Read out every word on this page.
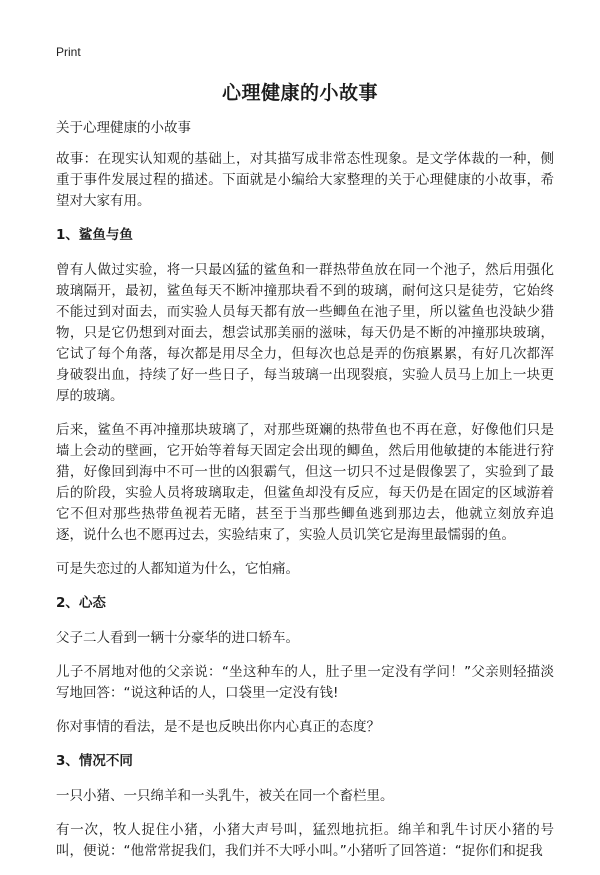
Print
心理健康的小故事

关于心理健康的小故事

故事：在现实认知观的基础上，对其描写成非常态性现象。是文学体裁的一种，侧重于事件发展过程的描述。下面就是小编给大家整理的关于心理健康的小故事，希望对大家有用。

1、鲨鱼与鱼

曾有人做过实验，将一只最凶猛的鲨鱼和一群热带鱼放在同一个池子，然后用强化玻璃隔开，最初，鲨鱼每天不断冲撞那块看不到的玻璃，耐何这只是徒劳，它始终不能过到对面去，而实验人员每天都有放一些鲫鱼在池子里，所以鲨鱼也没缺少猎物，只是它仍想到对面去，想尝试那美丽的滋味，每天仍是不断的冲撞那块玻璃，它试了每个角落，每次都是用尽全力，但每次也总是弄的伤痕累累，有好几次都浑身破裂出血，持续了好一些日子，每当玻璃一出现裂痕，实验人员马上加上一块更厚的玻璃。

后来，鲨鱼不再冲撞那块玻璃了，对那些斑斓的热带鱼也不再在意，好像他们只是墙上会动的壁画，它开始等着每天固定会出现的鲫鱼，然后用他敏捷的本能进行狩猎，好像回到海中不可一世的凶狠霸气，但这一切只不过是假像罢了，实验到了最后的阶段，实验人员将玻璃取走，但鲨鱼却没有反应，每天仍是在固定的区域游着它不但对那些热带鱼视若无睹，甚至于当那些鲫鱼逃到那边去，他就立刻放弃追逐，说什么也不愿再过去，实验结束了，实验人员讥笑它是海里最懦弱的鱼。

可是失恋过的人都知道为什么，它怕痛。

2、心态

父子二人看到一辆十分豪华的进口轿车。

儿子不屑地对他的父亲说：“坐这种车的人，肚子里一定没有学问！”父亲则轻描淡写地回答：“说这种话的人，口袋里一定没有钱!

你对事情的看法，是不是也反映出你内心真正的态度？

3、情况不同

一只小猪、一只绵羊和一头乳牛，被关在同一个畜栏里。

有一次，牧人捉住小猪，小猪大声号叫，猛烈地抗拒。绵羊和乳牛讨厌小猪的号叫，便说：“他常常捉我们，我们并不大呼小叫。”小猪听了回答道：“捉你们和捉我
